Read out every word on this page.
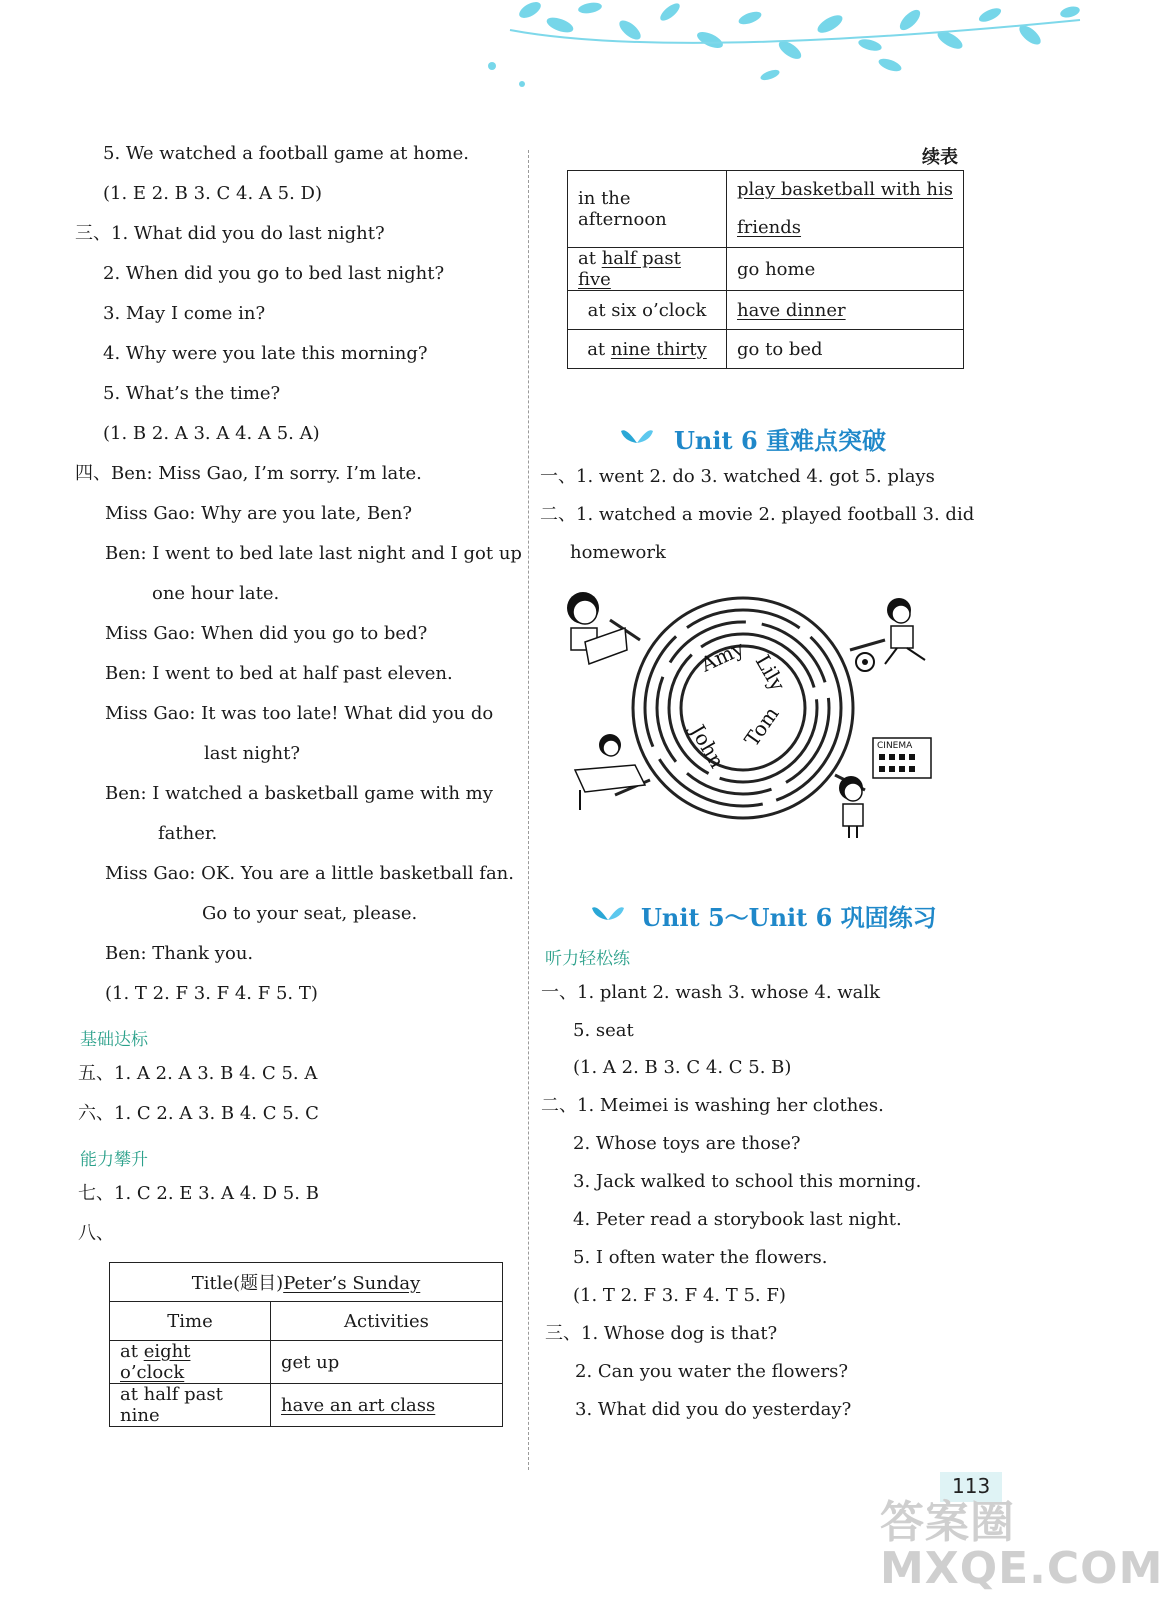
5. We watched a football game at home.
(1. E 2. B 3. C 4. A 5. D)
三、1. What did you do last night?
2. When did you go to bed last night?
3. May I come in?
4. Why were you late this morning?
5. What’s the time?
(1. B 2. A 3. A 4. A 5. A)
四、Ben: Miss Gao, I’m sorry. I’m late.
Miss Gao: Why are you late, Ben?
Ben: I went to bed late last night and I got up
one hour late.
Miss Gao: When did you go to bed?
Ben: I went to bed at half past eleven.
Miss Gao: It was too late! What did you do
last night?
Ben: I watched a basketball game with my
father.
Miss Gao: OK. You are a little basketball fan.
Go to your seat, please.
Ben: Thank you.
(1. T 2. F 3. F 4. F 5. T)
基础达标
五、1. A 2. A 3. B 4. C 5. A
六、1. C 2. A 3. B 4. C 5. C
能力攀升
七、1. C 2. E 3. A 4. D 5. B
八、
Title(题目)Peter’s Sunday	
Time	Activities
at eight o’clock	get up
at half past nine	have an art class
续表
in the afternoon	play basketball with his friends
at half past five	go home
at six o’clock	have dinner
at nine thirty	go to bed
Unit 6 重难点突破
一、1. went 2. do 3. watched 4. got 5. plays
二、1. watched a movie 2. played football 3. did
homework
Amy Lily
John Tom	CINEMA
Unit 5～Unit 6 巩固练习
听力轻松练
一、1. plant 2. wash 3. whose 4. walk
5. seat
(1. A 2. B 3. C 4. C 5. B)
二、1. Meimei is washing her clothes.
2. Whose toys are those?
3. Jack walked to school this morning.
4. Peter read a storybook last night.
5. I often water the flowers.
(1. T 2. F 3. F 4. T 5. F)
三、1. Whose dog is that?
2. Can you water the flowers?
3. What did you do yesterday?
113
答案圈 MXQE.COM
